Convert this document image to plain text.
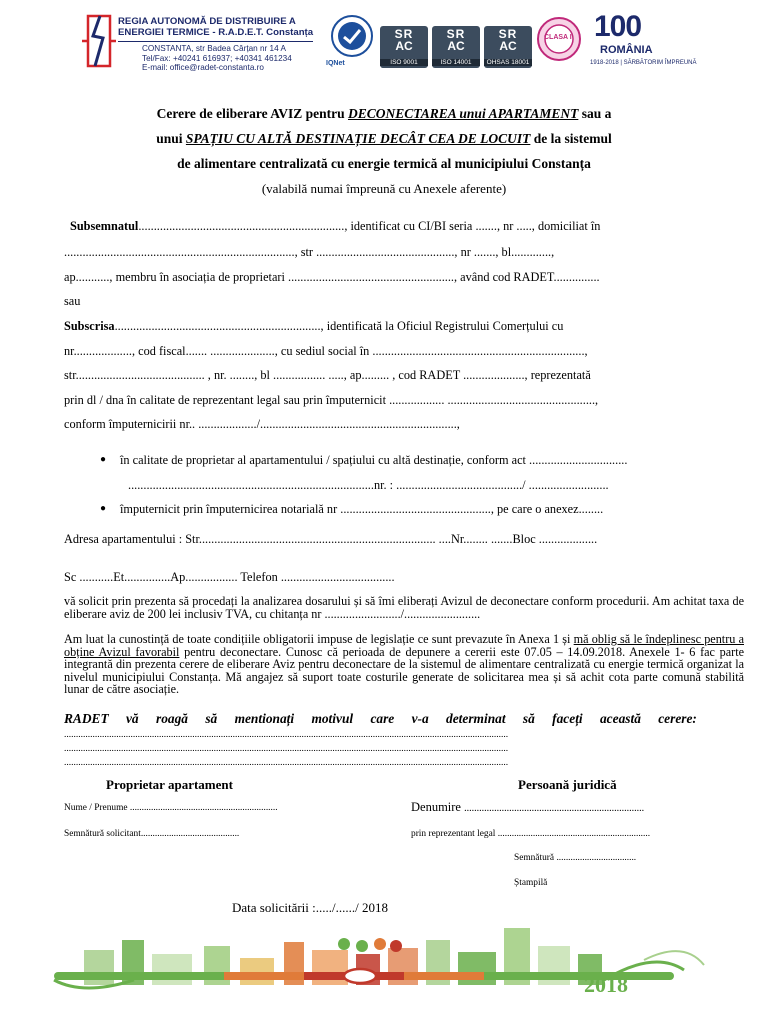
REGIA AUTONOMĂ DE DISTRIBUIRE A
ENERGIEI TERMICE - R.A.D.E.T. Constanța
CONSTANTA, str Badea Cârțan nr 14 A
Tel/Fax: +40241 616937; +40341 461234
E-mail: office@radet-constanta.ro	IQNet
SR
AC
ISO 9001
SR
AC
ISO 14001
SR
AC
OHSAS 18001
CLASA I 100
ROMÂNIA
1918-2018 | SĂRBĂTORIM ÎMPREUNĂ
Cerere de eliberare AVIZ pentru DECONECTAREA unui APARTAMENT sau a
unui SPAȚIU CU ALTĂ DESTINAȚIE DECÂT CEA DE LOCUIT de la sistemul
de alimentare centralizată cu energie termică al municipiului Constanța
(valabilă numai împreună cu Anexele aferente)
Subsemnatul..................................................................., identificat cu CI/BI seria ......., nr ....., domiciliat în
..........................................................................., str ............................................., nr ......., bl.............,
ap..........., membru în asociația de proprietari ......................................................, având cod RADET...............
sau
Subscrisa..................................................................., identificată la Oficiul Registrului Comerțului cu
nr..................., cod fiscal....... ....................., cu sediul social în .....................................................................,
str.......................................... , nr. ........, bl ................. ....., ap......... , cod RADET ...................., reprezentată
prin dl / dna în calitate de reprezentant legal sau prin împuternicit .................. ................................................,
conform împuternicirii nr.. .................../................................................................,
● în calitate de proprietar al apartamentului / spațiului cu altă destinație, conform act ................................
................................................................................nr. : ........................................./ ..........................
● împuternicit prin împuternicirea notarială nr ................................................., pe care o anexez........
Adresa apartamentului : Str............................................................................. ....Nr........ .......Bloc ...................
Sc ...........Et...............Ap................. Telefon .....................................
vă solicit prin prezenta să procedați la analizarea dosarului și să îmi eliberați Avizul de deconectare conform procedurii. Am achitat taxa de eliberare aviz de 200 lei inclusiv TVA, cu chitanța nr ........................./.........................
Am luat la cunostință de toate condițiile obligatorii impuse de legislație ce sunt prevazute în Anexa 1 și mă oblig să le îndeplinesc pentru a obține Avizul favorabil pentru deconectare. Cunosc că perioada de depunere a cererii este 07.05 – 14.09.2018. Anexele 1- 6 fac parte integrantă din prezenta cerere de eliberare Aviz pentru deconectare de la sistemul de alimentare centralizată cu energie termică organizat la nivelul municipiului Constanța. Mă angajez să suport toate costurile generate de solicitarea mea și să achit cota parte comună stabilită lunar de către asociație.
RADET vă roagă să mentionați motivul care v-a determinat să faceți această cerere:
...........................................................................................................................................................................................
...........................................................................................................................................................................................
...........................................................................................................................................................................................
Proprietar apartament	Persoană juridică
Nume / Prenume ...............................................................	Denumire ........................................................................
Semnătură solicitant..........................................	prin reprezentant legal .................................................................
Semnătură ..................................
Ștampilă
Data solicitării :...../....../ 2018
2018
